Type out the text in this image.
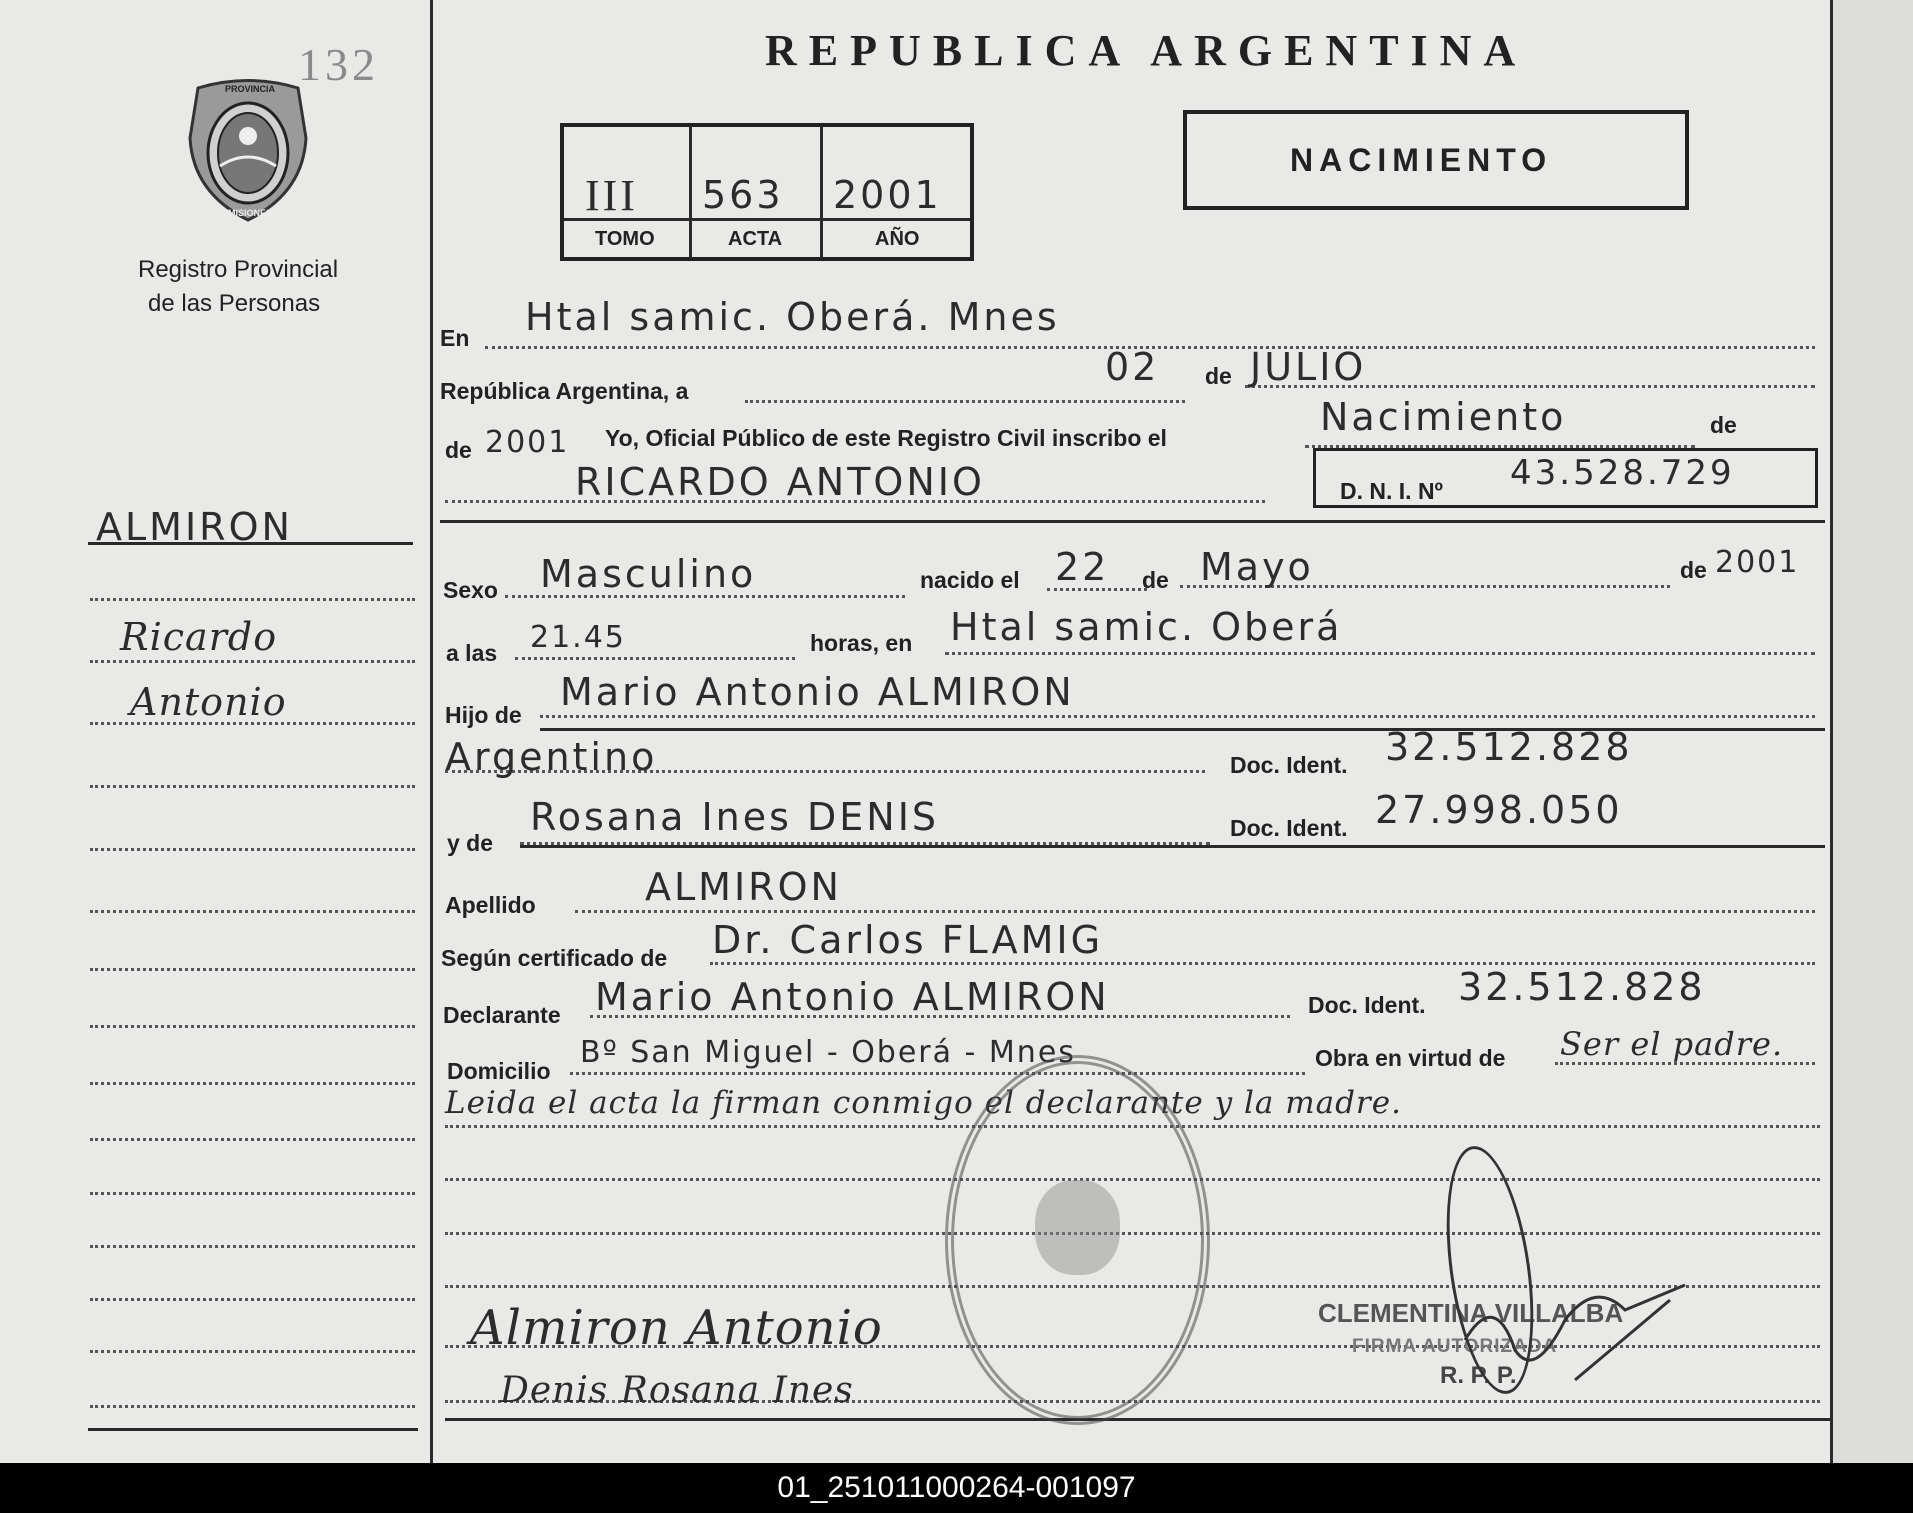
132
PROVINCIA
MISIONES
Registro Provincial
de las Personas
REPUBLICA ARGENTINA
III 563 2001
TOMO	ACTA	AÑO
NACIMIENTO
ALMIRON
Ricardo
Antonio
En Htal samic. Oberá. Mnes
República Argentina, a
02 de JULIO
de 2001 Yo, Oficial Público de este Registro Civil inscribo el	Nacimiento	de
RICARDO ANTONIO	D. N. I. Nº 43.528.729
Sexo Masculino	nacido el 22 de Mayo	de 2001
a las 21.45	horas, en Htal samic. Oberá
Hijo de
Mario Antonio ALMIRON
Argentino	Doc. Ident. 32.512.828
y de
Rosana Ines DENIS	Doc. Ident. 27.998.050
Apellido	ALMIRON
Según certificado de Dr. Carlos FLAMIG
Declarante Mario Antonio ALMIRON	Doc. Ident. 32.512.828
Domicilio
Bº San Miguel - Oberá - Mnes	Obra en virtud de Ser el padre.
Leida el acta la firman conmigo el declarante y la madre.
Almiron Antonio
Denis Rosana Ines
CLEMENTINA VILLALBA
FIRMA AUTORIZADA
R. P. P.
01_251011000264-001097
